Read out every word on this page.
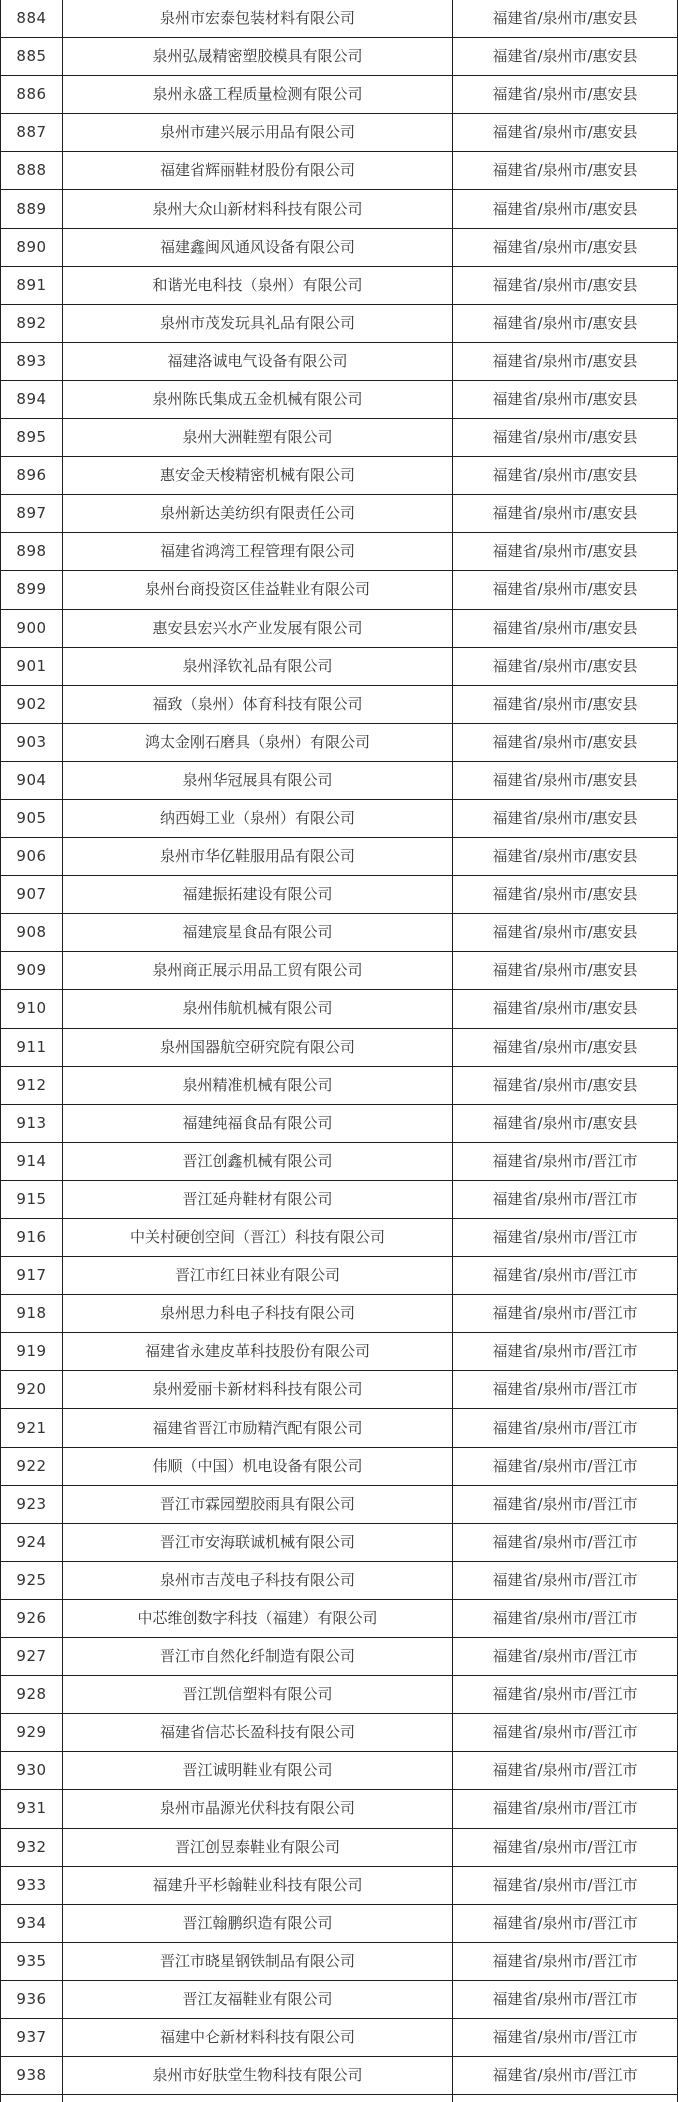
884	泉州市宏泰包装材料有限公司	福建省/泉州市/惠安县
885	泉州弘晟精密塑胶模具有限公司	福建省/泉州市/惠安县
886	泉州永盛工程质量检测有限公司	福建省/泉州市/惠安县
887	泉州市建兴展示用品有限公司	福建省/泉州市/惠安县
888	福建省辉丽鞋材股份有限公司	福建省/泉州市/惠安县
889	泉州大众山新材料科技有限公司	福建省/泉州市/惠安县
890	福建鑫闽风通风设备有限公司	福建省/泉州市/惠安县
891	和谐光电科技（泉州）有限公司	福建省/泉州市/惠安县
892	泉州市茂发玩具礼品有限公司	福建省/泉州市/惠安县
893	福建洛诚电气设备有限公司	福建省/泉州市/惠安县
894	泉州陈氏集成五金机械有限公司	福建省/泉州市/惠安县
895	泉州大洲鞋塑有限公司	福建省/泉州市/惠安县
896	惠安金天梭精密机械有限公司	福建省/泉州市/惠安县
897	泉州新达美纺织有限责任公司	福建省/泉州市/惠安县
898	福建省鸿湾工程管理有限公司	福建省/泉州市/惠安县
899	泉州台商投资区佳益鞋业有限公司	福建省/泉州市/惠安县
900	惠安县宏兴水产业发展有限公司	福建省/泉州市/惠安县
901	泉州泽钦礼品有限公司	福建省/泉州市/惠安县
902	福致（泉州）体育科技有限公司	福建省/泉州市/惠安县
903	鸿太金刚石磨具（泉州）有限公司	福建省/泉州市/惠安县
904	泉州华冠展具有限公司	福建省/泉州市/惠安县
905	纳西姆工业（泉州）有限公司	福建省/泉州市/惠安县
906	泉州市华亿鞋服用品有限公司	福建省/泉州市/惠安县
907	福建振拓建设有限公司	福建省/泉州市/惠安县
908	福建宸星食品有限公司	福建省/泉州市/惠安县
909	泉州商正展示用品工贸有限公司	福建省/泉州市/惠安县
910	泉州伟航机械有限公司	福建省/泉州市/惠安县
911	泉州国器航空研究院有限公司	福建省/泉州市/惠安县
912	泉州精准机械有限公司	福建省/泉州市/惠安县
913	福建纯福食品有限公司	福建省/泉州市/惠安县
914	晋江创鑫机械有限公司	福建省/泉州市/晋江市
915	晋江延舟鞋材有限公司	福建省/泉州市/晋江市
916	中关村硬创空间（晋江）科技有限公司	福建省/泉州市/晋江市
917	晋江市红日袜业有限公司	福建省/泉州市/晋江市
918	泉州思力科电子科技有限公司	福建省/泉州市/晋江市
919	福建省永建皮革科技股份有限公司	福建省/泉州市/晋江市
920	泉州爱丽卡新材料科技有限公司	福建省/泉州市/晋江市
921	福建省晋江市励精汽配有限公司	福建省/泉州市/晋江市
922	伟顺（中国）机电设备有限公司	福建省/泉州市/晋江市
923	晋江市霖园塑胶雨具有限公司	福建省/泉州市/晋江市
924	晋江市安海联诚机械有限公司	福建省/泉州市/晋江市
925	泉州市吉茂电子科技有限公司	福建省/泉州市/晋江市
926	中芯维创数字科技（福建）有限公司	福建省/泉州市/晋江市
927	晋江市自然化纤制造有限公司	福建省/泉州市/晋江市
928	晋江凯信塑料有限公司	福建省/泉州市/晋江市
929	福建省信芯长盈科技有限公司	福建省/泉州市/晋江市
930	晋江诚明鞋业有限公司	福建省/泉州市/晋江市
931	泉州市晶源光伏科技有限公司	福建省/泉州市/晋江市
932	晋江创昱泰鞋业有限公司	福建省/泉州市/晋江市
933	福建升平杉翰鞋业科技有限公司	福建省/泉州市/晋江市
934	晋江翰鹏织造有限公司	福建省/泉州市/晋江市
935	晋江市晓星钢铁制品有限公司	福建省/泉州市/晋江市
936	晋江友福鞋业有限公司	福建省/泉州市/晋江市
937	福建中仑新材料科技有限公司	福建省/泉州市/晋江市
938	泉州市好肤堂生物科技有限公司	福建省/泉州市/晋江市
